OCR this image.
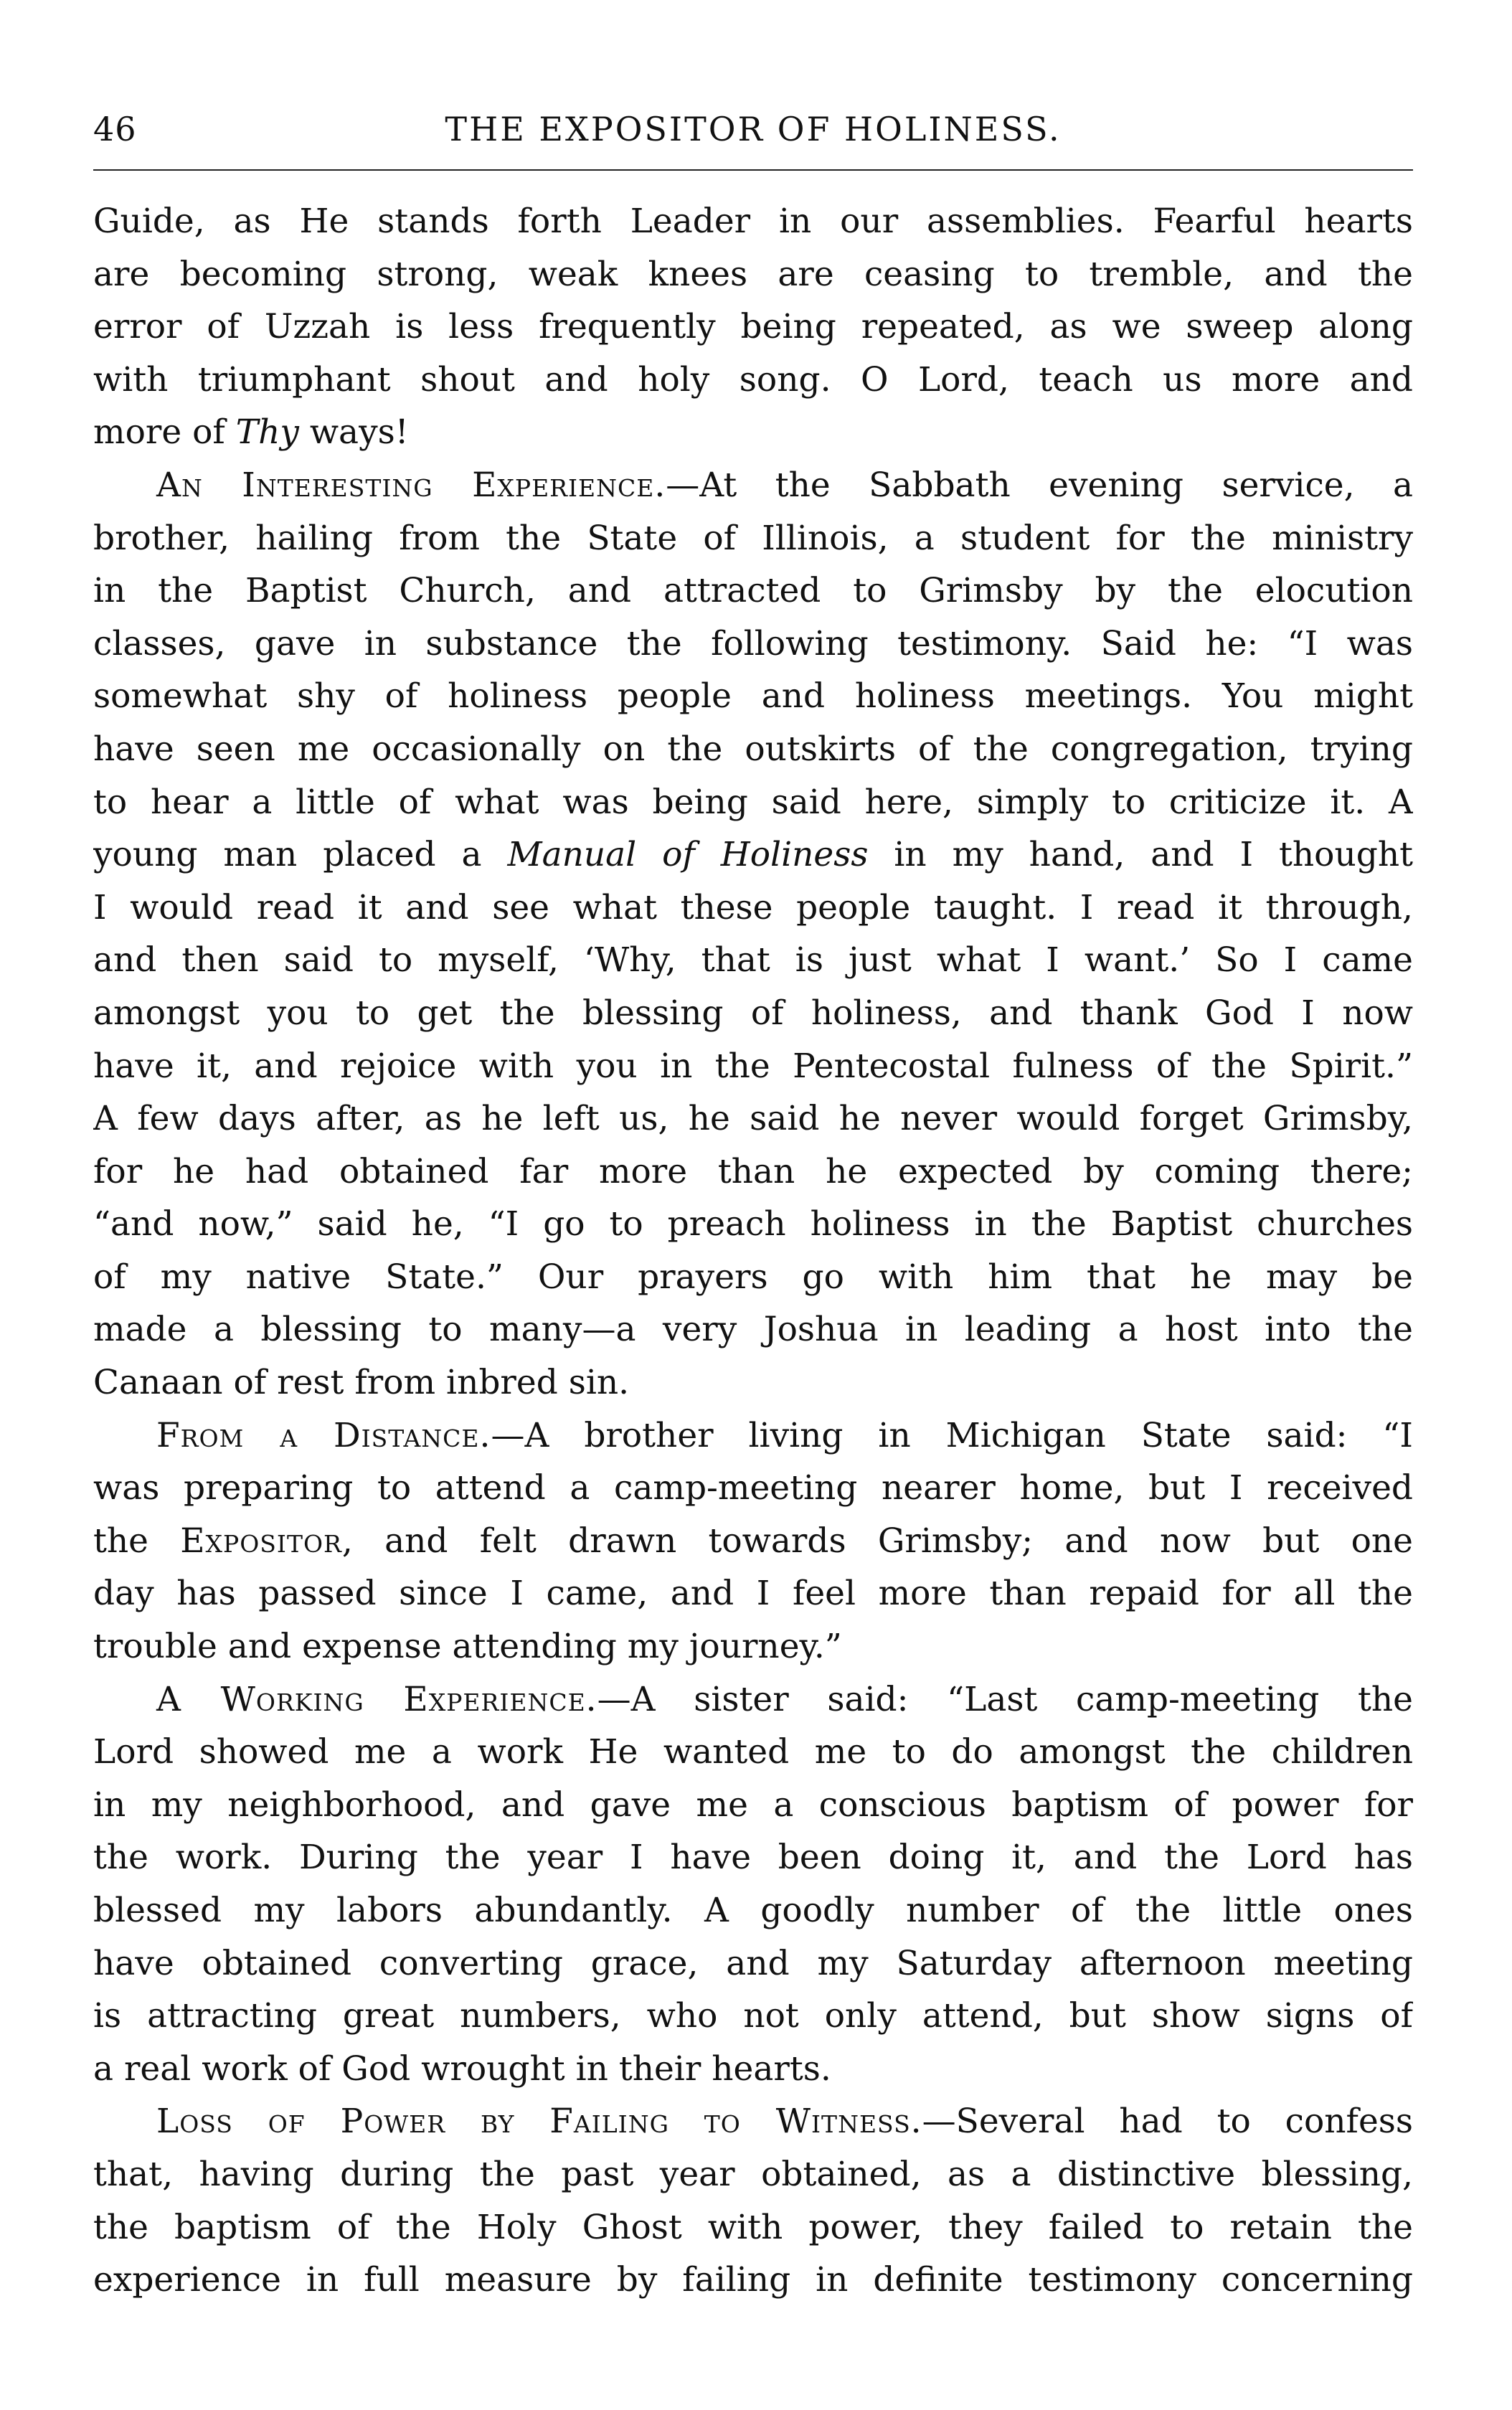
46	THE EXPOSITOR OF HOLINESS.
Guide, as He stands forth Leader in our assemblies. Fearful hearts
are becoming strong, weak knees are ceasing to tremble, and the
error of Uzzah is less frequently being repeated, as we sweep along
with triumphant shout and holy song. O Lord, teach us more and
more of Thy ways!
An Interesting Experience.—At the Sabbath evening service, a
brother, hailing from the State of Illinois, a student for the ministry
in the Baptist Church, and attracted to Grimsby by the elocution
classes, gave in substance the following testimony. Said he: “I was
somewhat shy of holiness people and holiness meetings. You might
have seen me occasionally on the outskirts of the congregation, trying
to hear a little of what was being said here, simply to criticize it. A
young man placed a Manual of Holiness in my hand, and I thought
I would read it and see what these people taught. I read it through,
and then said to myself, ‘Why, that is just what I want.’ So I came
amongst you to get the blessing of holiness, and thank God I now
have it, and rejoice with you in the Pentecostal fulness of the Spirit.”
A few days after, as he left us, he said he never would forget Grimsby,
for he had obtained far more than he expected by coming there;
“and now,” said he, “I go to preach holiness in the Baptist churches
of my native State.” Our prayers go with him that he may be
made a blessing to many—a very Joshua in leading a host into the
Canaan of rest from inbred sin.
From a Distance.—A brother living in Michigan State said: “I
was preparing to attend a camp-meeting nearer home, but I received
the Expositor, and felt drawn towards Grimsby; and now but one
day has passed since I came, and I feel more than repaid for all the
trouble and expense attending my journey.”
A Working Experience.—A sister said: “Last camp-meeting the
Lord showed me a work He wanted me to do amongst the children
in my neighborhood, and gave me a conscious baptism of power for
the work. During the year I have been doing it, and the Lord has
blessed my labors abundantly. A goodly number of the little ones
have obtained converting grace, and my Saturday afternoon meeting
is attracting great numbers, who not only attend, but show signs of
a real work of God wrought in their hearts.
Loss of Power by Failing to Witness.—Several had to confess
that, having during the past year obtained, as a distinctive blessing,
the baptism of the Holy Ghost with power, they failed to retain the
experience in full measure by failing in definite testimony concerning
